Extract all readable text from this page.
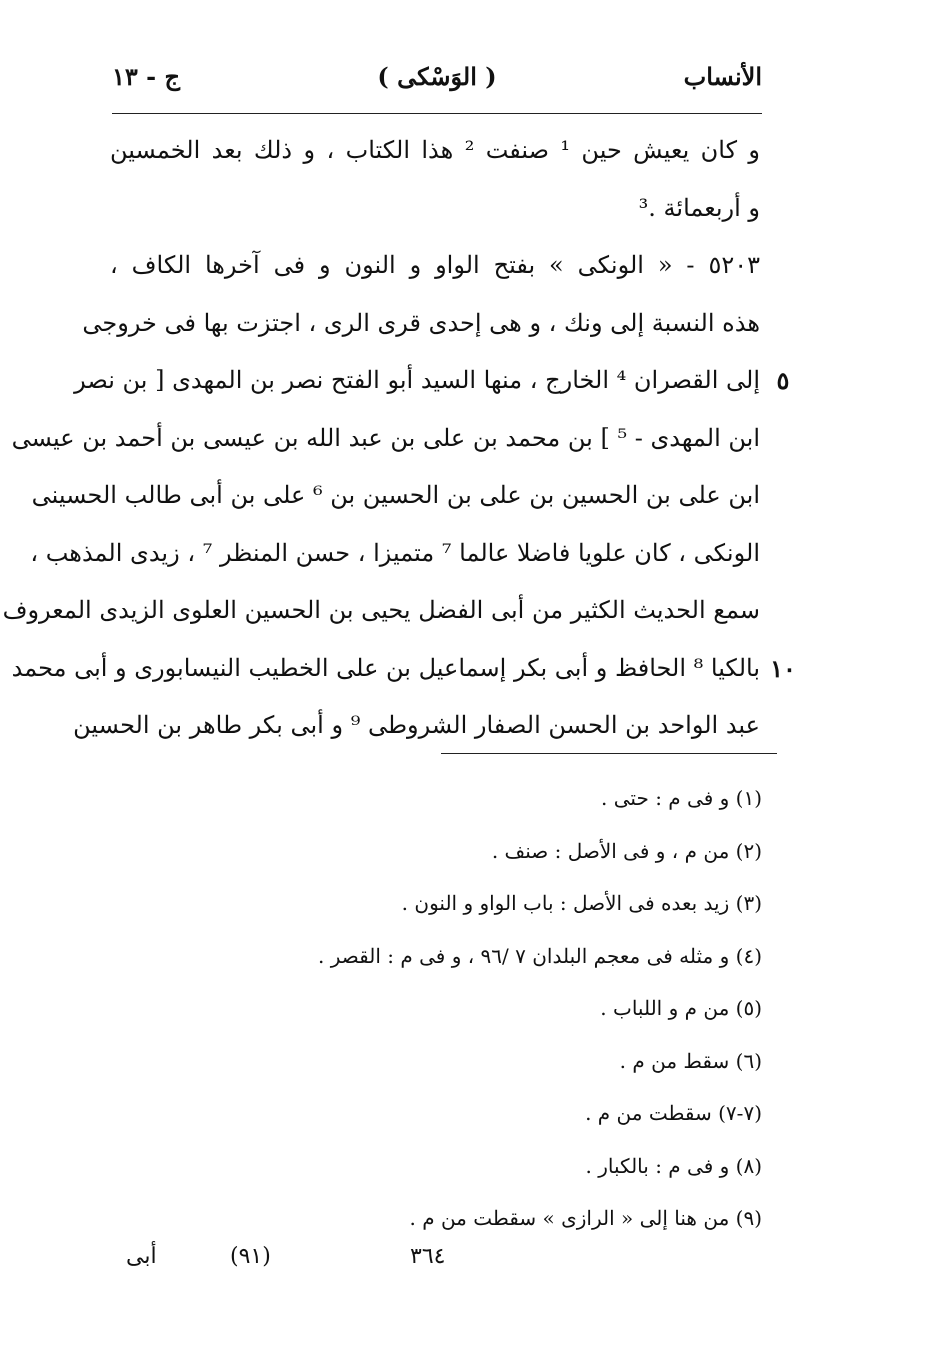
الأنساب
( الوَسْكى )
ج - ١٣
و كان يعيش حين ¹ صنفت ² هذا الكتاب ، و ذلك بعد الخمسين
و أربعمائة .³
٥٢٠٣ - « الونكى » بفتح الواو و النون و فى آخرها الكاف ،
هذه النسبة إلى ونك ، و هى إحدى قرى الرى ، اجتزت بها فى خروجى
٥
إلى القصران ⁴ الخارج ، منها السيد أبو الفتح نصر بن المهدى [ بن نصر
ابن المهدى - ⁵ ] بن محمد بن على بن عبد الله بن عيسى بن أحمد بن عيسى
ابن على بن الحسين بن على بن الحسين بن ⁶ على بن أبى طالب الحسينى
الونكى ، كان علويا فاضلا عالما ⁷ متميزا ، حسن المنظر ⁷ ، زيدى المذهب ،
سمع الحديث الكثير من أبى الفضل يحيى بن الحسين العلوى الزيدى المعروف
١٠
بالكيا ⁸ الحافظ و أبى بكر إسماعيل بن على الخطيب النيسابورى و أبى محمد
عبد الواحد بن الحسن الصفار الشروطى ⁹ و أبى بكر طاهر بن الحسين
(١) و فى م : حتى .
(٢) من م ، و فى الأصل : صنف .
(٣) زيد بعده فى الأصل : باب الواو و النون .
(٤) و مثله فى معجم البلدان ٧ /٩٦ ، و فى م : القصر .
(٥) من م و اللباب .
(٦) سقط من م .
(٧-٧) سقطت من م .
(٨) و فى م : بالكبار .
(٩) من هنا إلى « الرازى » سقطت من م .
٣٦٤
(٩١)
أبى
